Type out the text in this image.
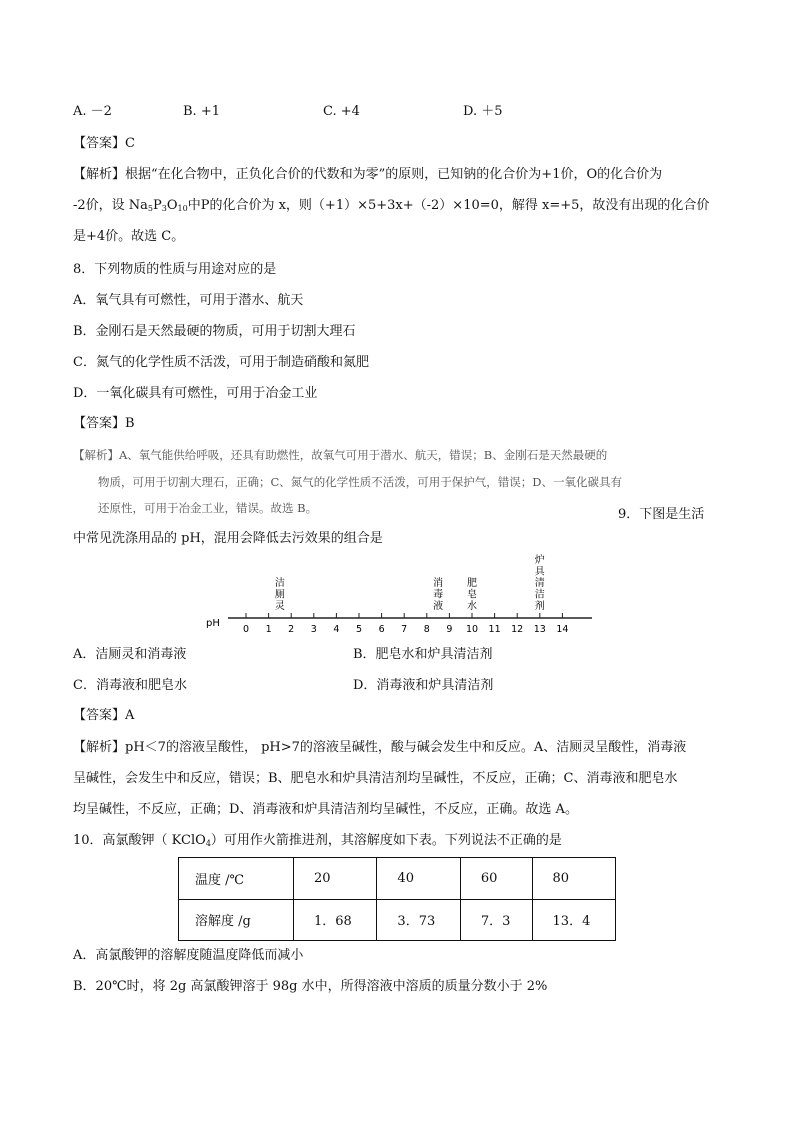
A. －2	B. +1	C. +4	D. ＋5
【答案】C
【解析】根据“在化合物中，正负化合价的代数和为零”的原则，已知钠的化合价为+1价，O的化合价为
-2价，设 $Na_5P_3O_{10}$中P的化合价为 x，则（+1）×5+3x+（-2）×10=0，解得 x=+5，故没有出现的化合价
是+4价。故选 C。
8．下列物质的性质与用途对应的是
A．氧气具有可燃性，可用于潜水、航天
B．金刚石是天然最硬的物质，可用于切割大理石
C．氮气的化学性质不活泼，可用于制造硝酸和氮肥
D．一氧化碳具有可燃性，可用于冶金工业
【答案】B
【解析】A、氧气能供给呼吸，还具有助燃性，故氧气可用于潜水、航天，错误；B、金刚石是天然最硬的
物质，可用于切割大理石，正确；C、氮气的化学性质不活泼，可用于保护气，错误；D、一氧化碳具有
还原性，可用于冶金工业，错误。故选 B。	9．下图是生活
中常见洗涤用品的 pH，混用会降低去污效果的组合是
pH
0 1 2 3 4 5 6 7 8 9 10 11 12 13 14
洁
厕
灵
消
毒
液
肥
皂
水
炉
具
清
洁
剂
A．洁厕灵和消毒液	B．肥皂水和炉具清洁剂
C．消毒液和肥皂水	D．消毒液和炉具清洁剂
【答案】A
【解析】pH＜7的溶液呈酸性， pH>7的溶液呈碱性，酸与碱会发生中和反应。A、洁厕灵呈酸性，消毒液
呈碱性，会发生中和反应，错误；B、肥皂水和炉具清洁剂均呈碱性，不反应，正确；C、消毒液和肥皂水
均呈碱性，不反应，正确；D、消毒液和炉具清洁剂均呈碱性，不反应，正确。故选 A。
10．高氯酸钾（ KClO$_4$）可用作火箭推进剂，其溶解度如下表。下列说法不正确的是
温度 /℃	20	40	60	80
溶解度 /g	1．68	3．73	7．3	13．4
A．高氯酸钾的溶解度随温度降低而减小
B．20℃时，将 2g 高氯酸钾溶于 98g 水中，所得溶液中溶质的质量分数小于 2%
